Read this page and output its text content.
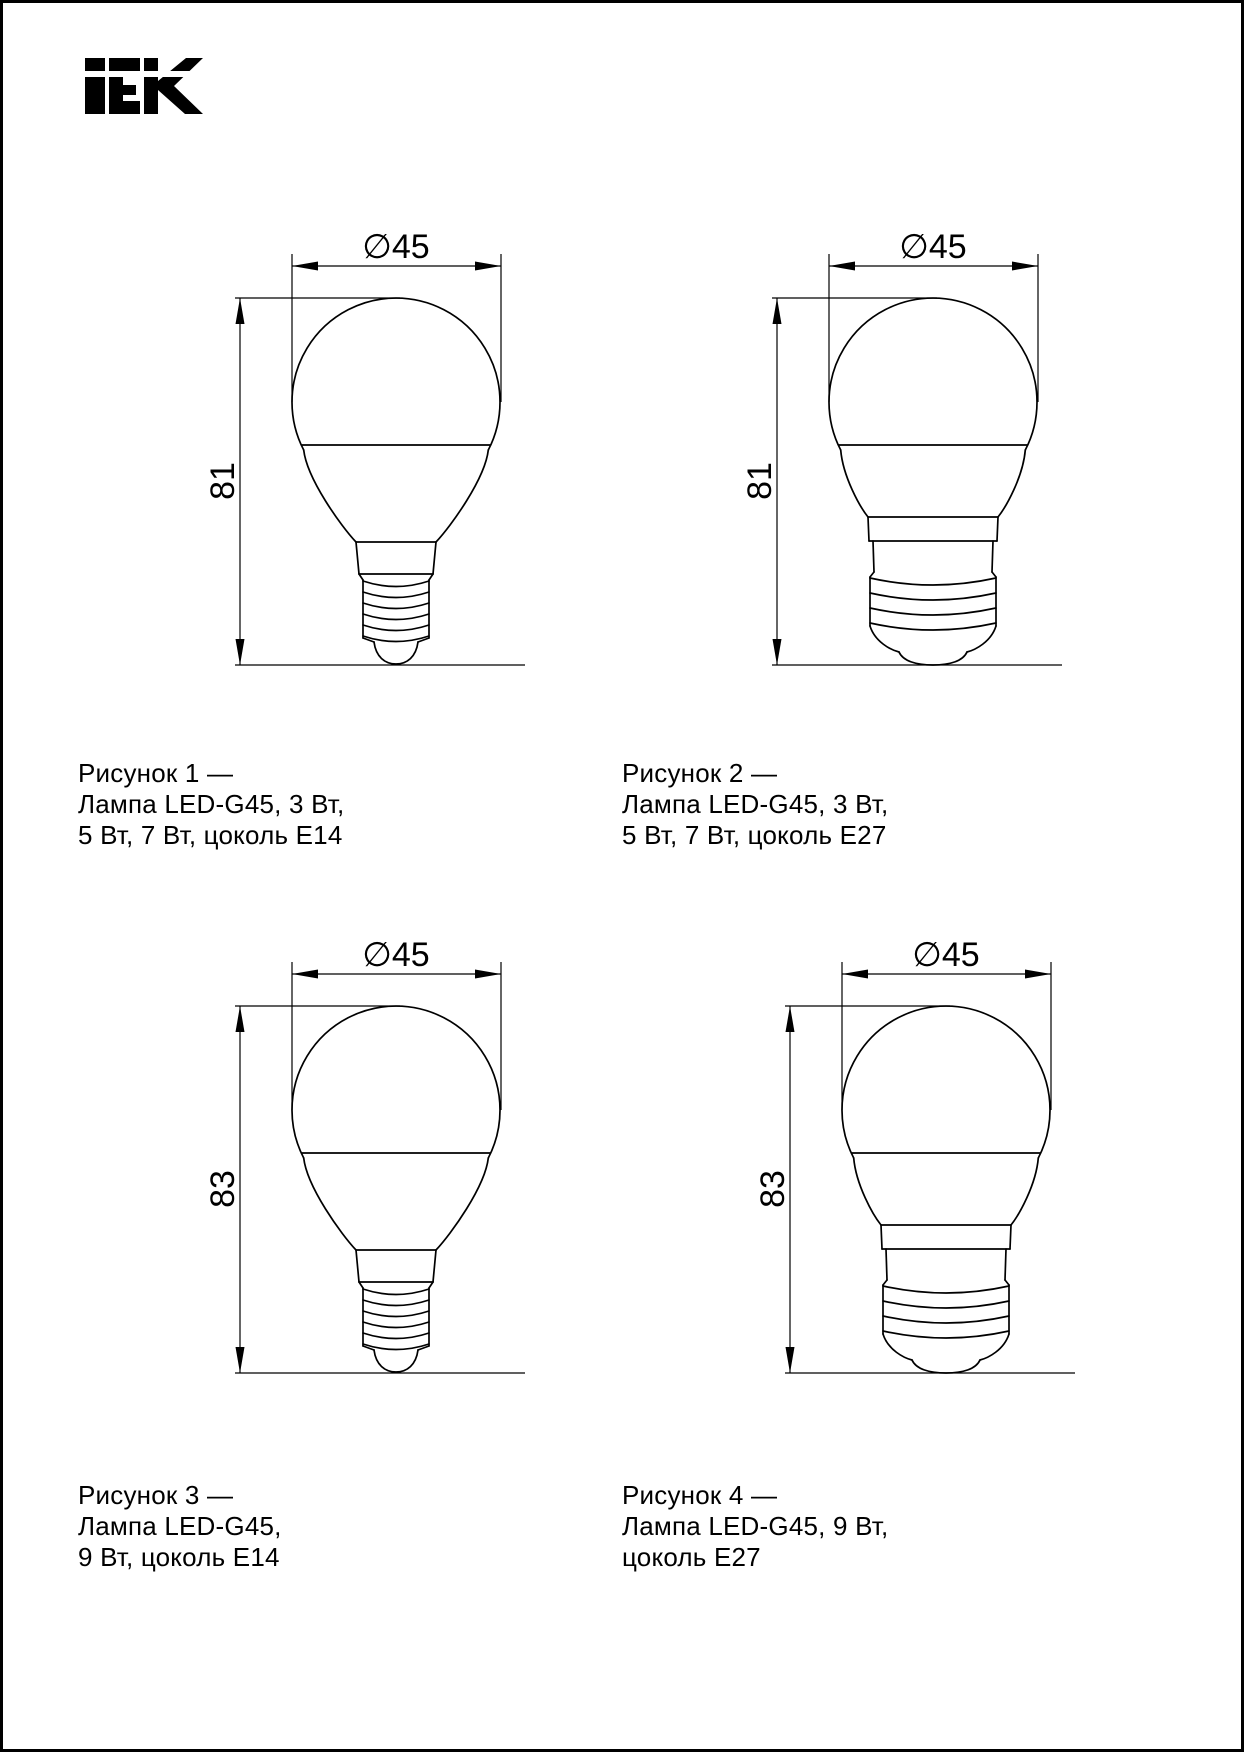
∅45
81
∅45
81
∅45
83
∅45
83
Рисунок 1 —
Лампа LED-G45, 3 Вт,
5 Вт, 7 Вт, цоколь E14
Рисунок 2 —
Лампа LED-G45, 3 Вт,
5 Вт, 7 Вт, цоколь E27
Рисунок 3 —
Лампа LED-G45,
9 Вт, цоколь E14
Рисунок 4 —
Лампа LED-G45, 9 Вт,
цоколь E27
